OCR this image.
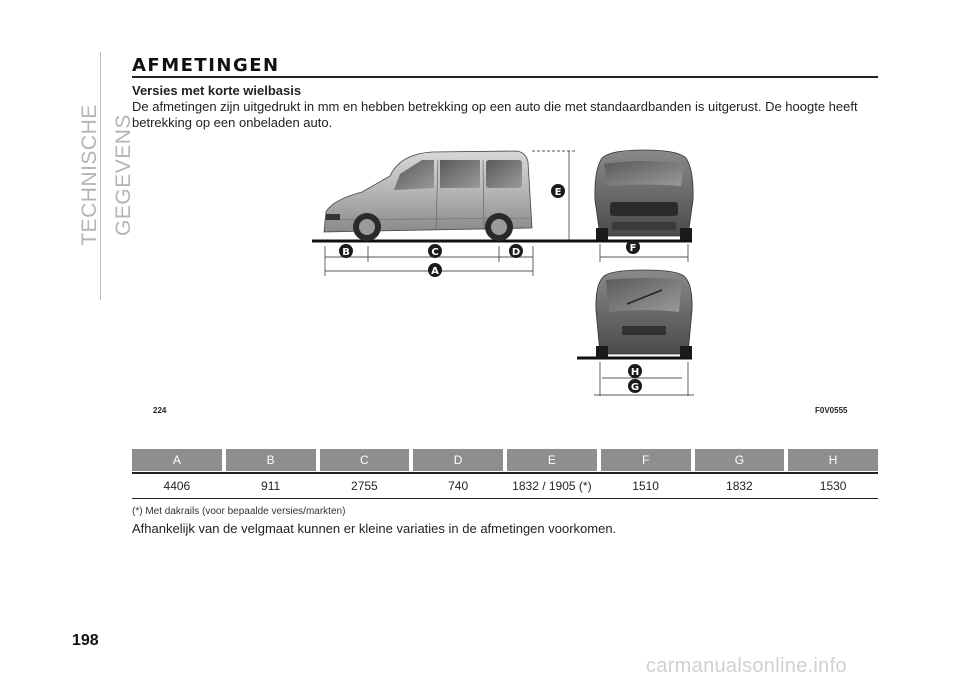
TECHNISCHE GEGEVENS
AFMETINGEN
Versies met korte wielbasis
De afmetingen zijn uitgedrukt in mm en hebben betrekking op een auto die met standaardbanden is uitgerust. De hoogte heeft betrekking op een onbeladen auto.
B	C	D
A
E
F
H
G
224	F0V0555
A	B	C	D	E	F	G	H
4406	911	2755	740	1832 / 1905 (*)	1510	1832	1530
(*) Met dakrails (voor bepaalde versies/markten)
Afhankelijk van de velgmaat kunnen er kleine variaties in de afmetingen voorkomen.
198
carmanualsonline.info
